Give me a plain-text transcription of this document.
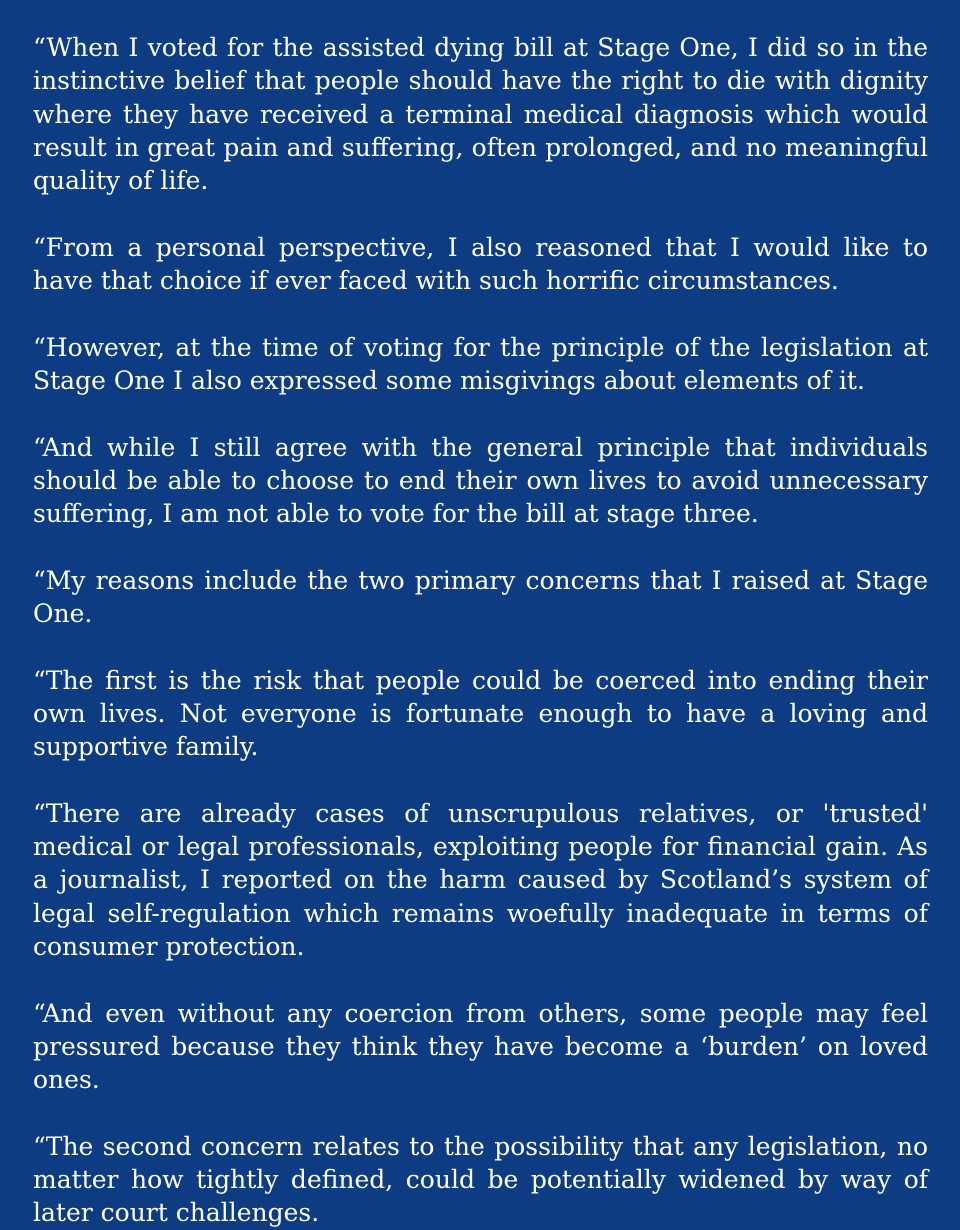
“When I voted for the assisted dying bill at Stage One, I did so in the instinctive belief that people should have the right to die with dignity where they have received a terminal medical diagnosis which would result in great pain and suffering, often prolonged, and no meaningful quality of life.

“From a personal perspective, I also reasoned that I would like to have that choice if ever faced with such horrific circumstances.

“However, at the time of voting for the principle of the legislation at Stage One I also expressed some misgivings about elements of it.

“And while I still agree with the general principle that individuals should be able to choose to end their own lives to avoid unnecessary suffering, I am not able to vote for the bill at stage three.

“My reasons include the two primary concerns that I raised at Stage One.

“The first is the risk that people could be coerced into ending their own lives. Not everyone is fortunate enough to have a loving and supportive family.

“There are already cases of unscrupulous relatives, or 'trusted' medical or legal professionals, exploiting people for financial gain. As a journalist, I reported on the harm caused by Scotland’s system of legal self-regulation which remains woefully inadequate in terms of consumer protection.

“And even without any coercion from others, some people may feel pressured because they think they have become a ‘burden’ on loved ones.

“The second concern relates to the possibility that any legislation, no matter how tightly defined, could be potentially widened by way of later court challenges.
